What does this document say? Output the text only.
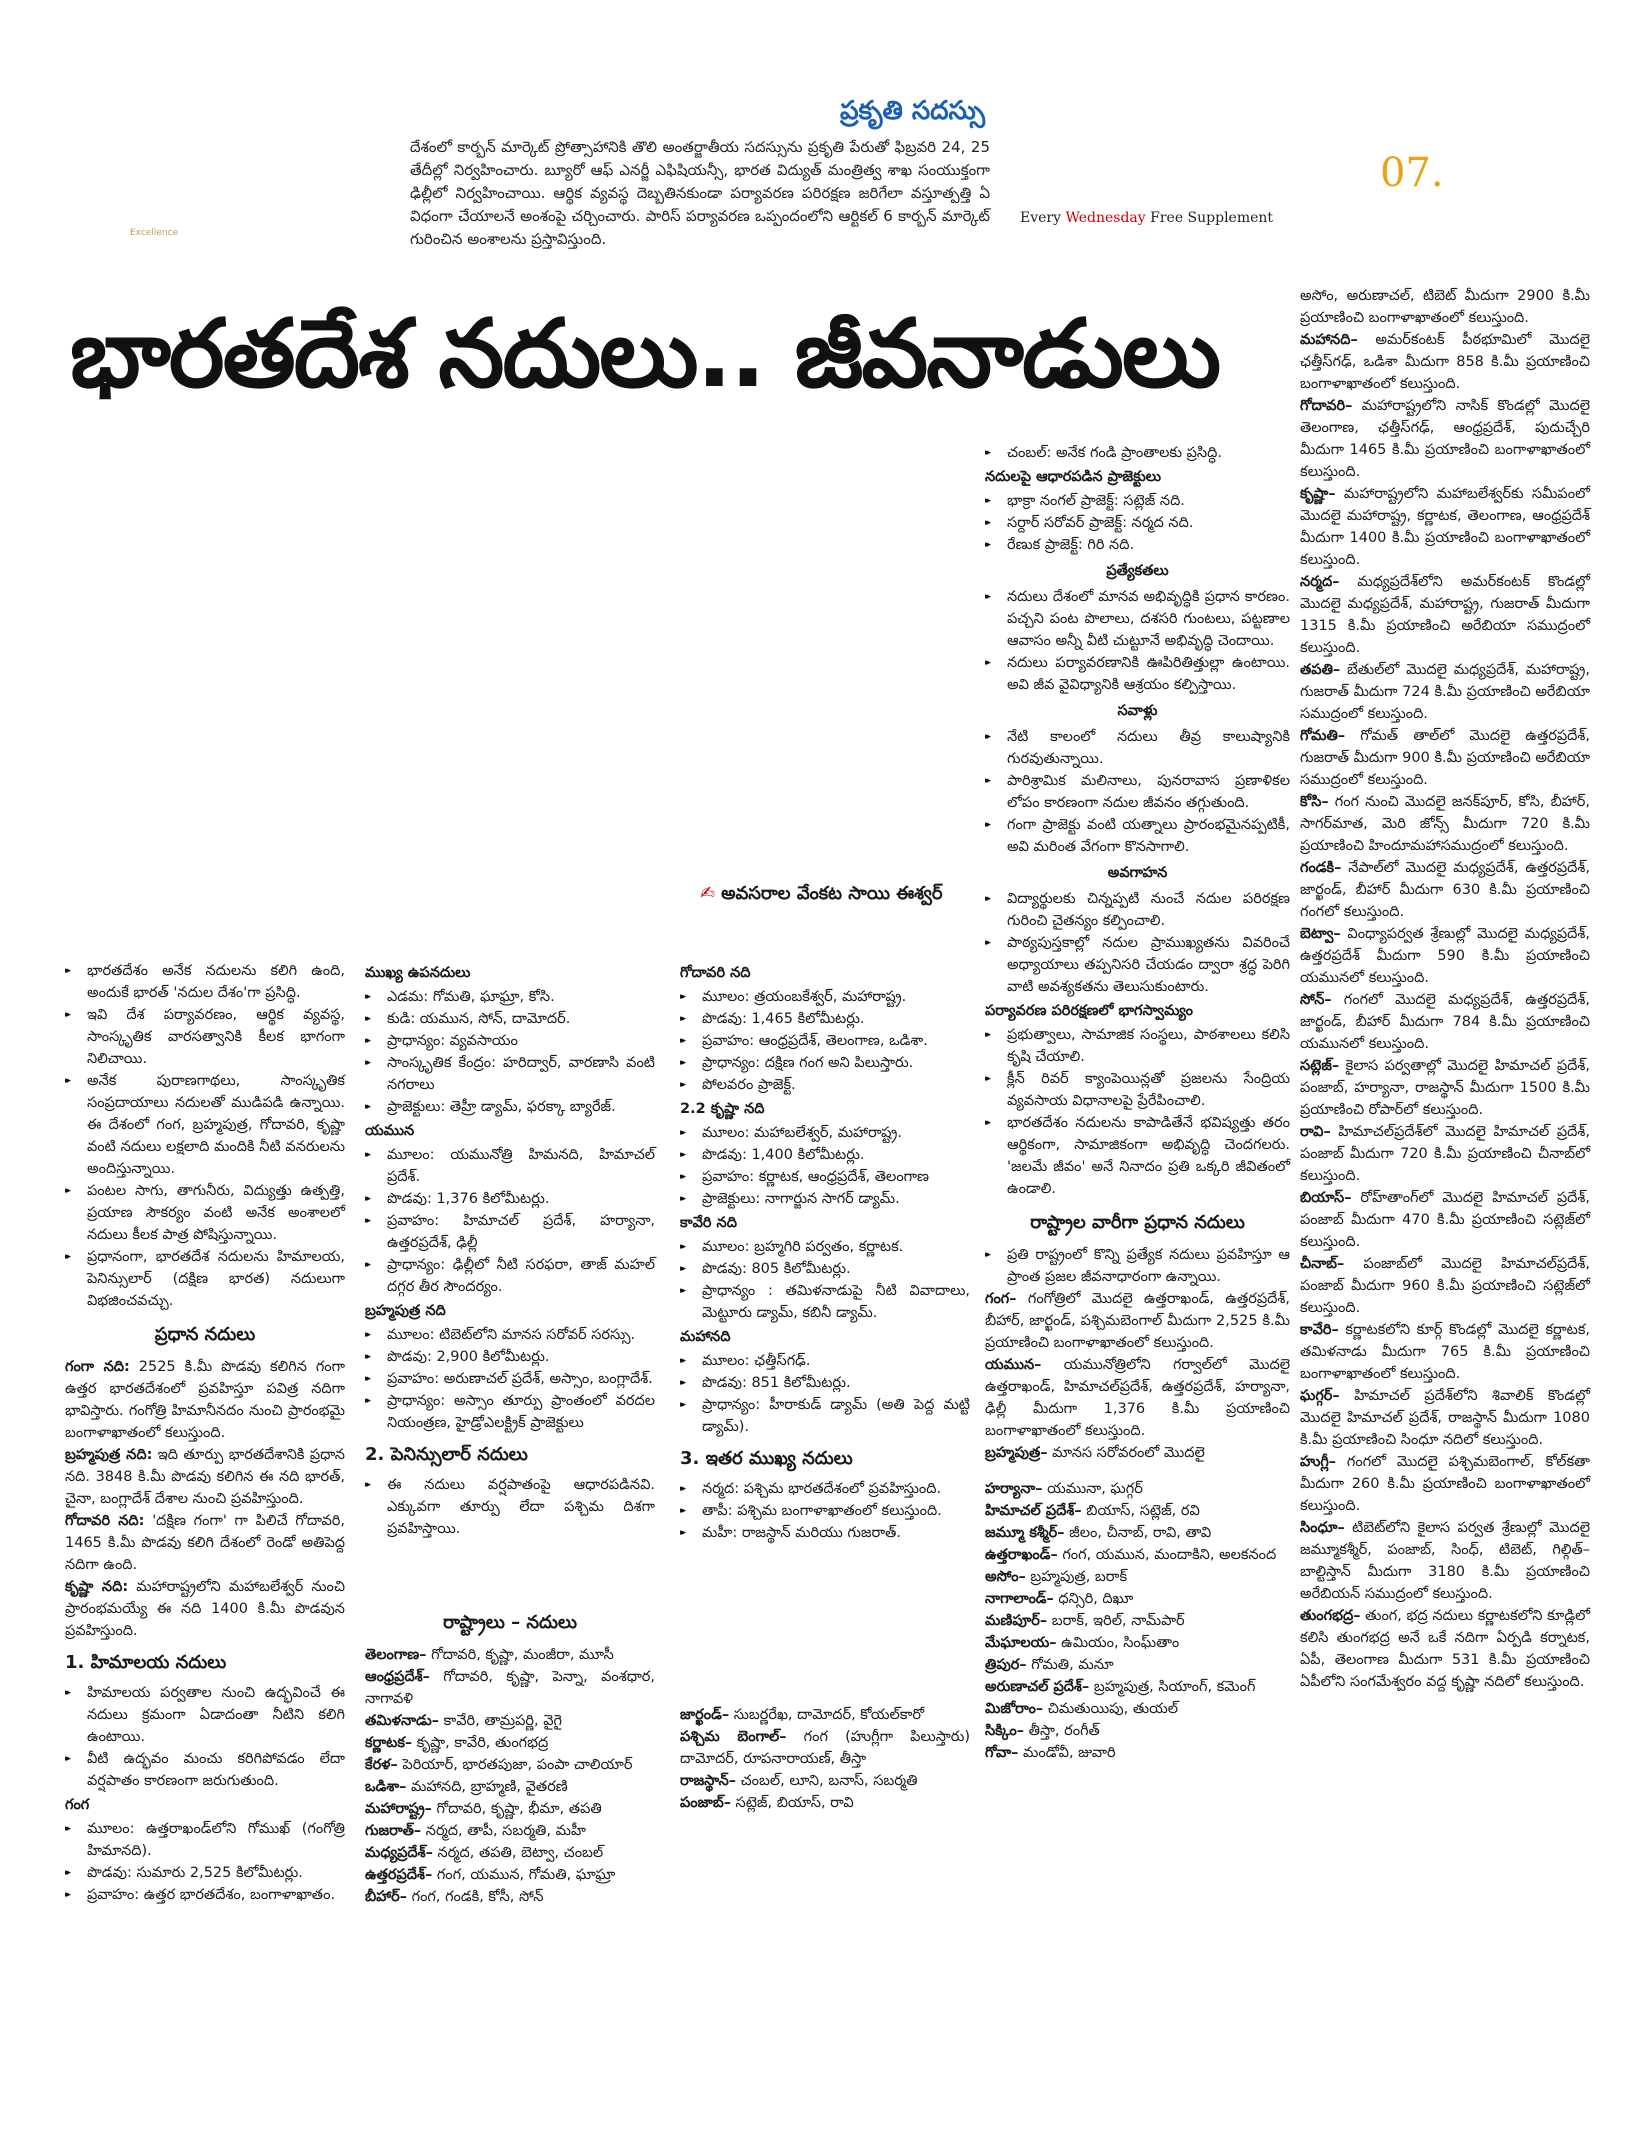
ప్రకృతి సదస్సు
దేశంలో కార్బన్ మార్కెట్ ప్రోత్సాహానికి తొలి అంతర్జాతీయ సదస్సును ప్రకృతి పేరుతో ఫిబ్రవరి 24, 25 తేదీల్లో నిర్వహించారు. బ్యూరో ఆఫ్ ఎనర్జీ ఎఫిషియన్సీ, భారత విద్యుత్ మంత్రిత్వ శాఖ సంయుక్తంగా ఢిల్లీలో నిర్వహించాయి. ఆర్థిక వ్యవస్థ దెబ్బతినకుండా పర్యావరణ పరిరక్షణ జరిగేలా వస్తూత్పత్తి ఏ విధంగా చేయాలనే అంశంపై చర్చించారు. పారిస్ పర్యావరణ ఒప్పందంలోని ఆర్టికల్ 6 కార్బన్ మార్కెట్ గురించిన అంశాలను ప్రస్తావిస్తుంది.
Excellence
Every Wednesday Free Supplement
07.
భారతదేశ నదులు.. జీవనాడులు
✍ అవసరాల వేంకట సాయి ఈశ్వర్

▸▸ భారతదేశం అనేక నదులను కలిగి ఉంది, అందుకే భారత్ 'నదుల దేశం'గా ప్రసిద్ధి.

▸▸ ఇవి దేశ పర్యావరణం, ఆర్థిక వ్యవస్థ, సాంస్కృతిక వారసత్వానికి కీలక భాగంగా నిలిచాయి.

▸▸ అనేక పురాణగాథలు, సాంస్కృతిక సంప్రదాయాలు నదులతో ముడిపడి ఉన్నాయి. ఈ దేశంలో గంగ, బ్రహ్మపుత్ర, గోదావరి, కృష్ణా వంటి నదులు లక్షలాది మందికి నీటి వనరులను అందిస్తున్నాయి.

▸▸ పంటల సాగు, తాగునీరు, విద్యుత్తు ఉత్పత్తి, ప్రయాణ సౌకర్యం వంటి అనేక అంశాలలో నదులు కీలక పాత్ర పోషిస్తున్నాయి.

▸▸ ప్రధానంగా, భారతదేశ నదులను హిమాలయ, పెనిన్సులార్ (దక్షిణ భారత) నదులుగా విభజించవచ్చు.

ప్రధాన నదులు

గంగా నది: 2525 కి.మీ పొడవు కలిగిన గంగా ఉత్తర భారతదేశంలో ప్రవహిస్తూ పవిత్ర నదిగా భావిస్తారు. గంగోత్రి హిమానీనదం నుంచి ప్రారంభమై బంగాళాఖాతంలో కలుస్తుంది.

బ్రహ్మపుత్ర నది: ఇది తూర్పు భారతదేశానికి ప్రధాన నది. 3848 కి.మీ పొడవు కలిగిన ఈ నది భారత్, చైనా, బంగ్లాదేశ్ దేశాల నుంచి ప్రవహిస్తుంది.

గోదావరి నది: 'దక్షిణ గంగా' గా పిలిచే గోదావరి, 1465 కి.మీ పొడవు కలిగి దేశంలో రెండో అతిపెద్ద నదిగా ఉంది.

కృష్ణా నది: మహారాష్ట్రలోని మహాబలేశ్వర్ నుంచి ప్రారంభమయ్యే ఈ నది 1400 కి.మీ పొడవున ప్రవహిస్తుంది.

1. హిమాలయ నదులు

▸▸ హిమాలయ పర్వతాల నుంచి ఉద్భవించే ఈ నదులు క్రమంగా ఏడాదంతా నీటిని కలిగి ఉంటాయి.

▸▸ వీటి ఉద్భవం మంచు కరిగిపోవడం లేదా వర్షపాతం కారణంగా జరుగుతుంది.

గంగ

▸▸ మూలం: ఉత్తరాఖండ్‌లోని గోముఖ్ (గంగోత్రి హిమానది).

▸▸ పొడవు: సుమారు 2,525 కిలోమీటర్లు.

▸▸ ప్రవాహం: ఉత్తర భారతదేశం, బంగాళాఖాతం.

ముఖ్య ఉపనదులు

▸▸ ఎడమ: గోమతి, ఘాఘ్రా, కోసి.

▸▸ కుడి: యమున, సోన్, దామోదర్.

▸▸ ప్రాధాన్యం: వ్యవసాయం

▸▸ సాంస్కృతిక కేంద్రం: హరిద్వార్, వారణాసి వంటి నగరాలు

▸▸ ప్రాజెక్టులు: తెహ్రీ డ్యామ్, ఫరక్కా బ్యారేజ్.

యమున

▸▸ మూలం: యమునోత్రి హిమనది, హిమాచల్ ప్రదేశ్.

▸▸ పొడవు: 1,376 కిలోమీటర్లు.

▸▸ ప్రవాహం: హిమాచల్ ప్రదేశ్, హర్యానా, ఉత్తరప్రదేశ్, ఢిల్లీ

▸▸ ప్రాధాన్యం: ఢిల్లీలో నీటి సరఫరా, తాజ్ మహల్ దగ్గర తీర సౌందర్యం.

బ్రహ్మపుత్ర నది

▸▸ మూలం: టిబెట్‌లోని మానస సరోవర్ సరస్సు.

▸▸ పొడవు: 2,900 కిలోమీటర్లు.

▸▸ ప్రవాహం: అరుణాచల్ ప్రదేశ్, అస్సాం, బంగ్లాదేశ్.

▸▸ ప్రాధాన్యం: అస్సాం తూర్పు ప్రాంతంలో వరదల నియంత్రణ, హైడ్రోఎలక్ట్రిక్ ప్రాజెక్టులు

2. పెనిన్సులార్ నదులు

▸▸ ఈ నదులు వర్షపాతంపై ఆధారపడినవి. ఎక్కువగా తూర్పు లేదా పశ్చిమ దిశగా ప్రవహిస్తాయి.

రాష్ట్రాలు – నదులు

తెలంగాణ– గోదావరి, కృష్ణా, మంజీరా, మూసీ

ఆంధ్రప్రదేశ్– గోదావరి, కృష్ణా, పెన్నా, వంశధార, నాగావళి

తమిళనాడు– కావేరి, తామ్రపర్ణి, వైగై

కర్ణాటక– కృష్ణా, కావేరి, తుంగభద్ర

కేరళ– పెరియార్, భారతపుజా, పంపా చాలియార్

ఒడిశా– మహానది, బ్రాహ్మణి, వైతరణి

మహారాష్ట్ర– గోదావరి, కృష్ణా, భీమా, తపతి

గుజరాత్– నర్మద, తాపీ, సబర్మతి, మహీ

మధ్యప్రదేశ్– నర్మద, తపతి, బెట్వా, చంబల్

ఉత్తరప్రదేశ్– గంగ, యమున, గోమతి, ఘాఘ్రా

బీహార్– గంగ, గండకి, కోసీ, సోన్

గోదావరి నది

▸▸ మూలం: త్రయంబకేశ్వర్, మహారాష్ట్ర.

▸▸ పొడవు: 1,465 కిలోమీటర్లు.

▸▸ ప్రవాహం: ఆంధ్రప్రదేశ్, తెలంగాణ, ఒడిశా.

▸▸ ప్రాధాన్యం: దక్షిణ గంగ అని పిలుస్తారు.

▸▸ పోలవరం ప్రాజెక్ట్.

2.2 కృష్ణా నది

▸▸ మూలం: మహాబలేశ్వర్, మహారాష్ట్ర.

▸▸ పొడవు: 1,400 కిలోమీటర్లు.

▸▸ ప్రవాహం: కర్ణాటక, ఆంధ్రప్రదేశ్, తెలంగాణ

▸▸ ప్రాజెక్టులు: నాగార్జున సాగర్ డ్యామ్.

కావేరి నది

▸▸ మూలం: బ్రహ్మగిరి పర్వతం, కర్ణాటక.

▸▸ పొడవు: 805 కిలోమీటర్లు.

▸▸ ప్రాధాన్యం : తమిళనాడుపై నీటి వివాదాలు, మెట్టూరు డ్యామ్, కబినీ డ్యామ్.

మహానది

▸▸ మూలం: ఛత్తీస్‌గఢ్.

▸▸ పొడవు: 851 కిలోమీటర్లు.

▸▸ ప్రాధాన్యం: హీరాకుడ్ డ్యామ్ (అతి పెద్ద మట్టి డ్యామ్).

3. ఇతర ముఖ్య నదులు

▸▸ నర్మద: పశ్చిమ భారతదేశంలో ప్రవహిస్తుంది.

▸▸ తాపీ: పశ్చిమ బంగాళాఖాతంలో కలుస్తుంది.

▸▸ మహీ: రాజస్థాన్ మరియు గుజరాత్.

జార్ఖండ్– సుబర్ణరేఖ, దామోదర్, కోయల్‌కారో

పశ్చిమ బెంగాల్– గంగ (హుగ్లీగా పిలుస్తారు) దామోదర్, రూపనారాయణ్, తీస్తా

రాజస్థాన్– చంబల్, లూని, బనాస్, సబర్మతి

పంజాబ్– సట్లెజ్, బియాస్, రావి

▸▸ చంబల్: అనేక గండి ప్రాంతాలకు ప్రసిద్ధి.

నదులపై ఆధారపడిన ప్రాజెక్టులు

▸▸ భాక్రా నంగల్ ప్రాజెక్ట్: సట్లెజ్ నది.

▸▸ సర్దార్ సరోవర్ ప్రాజెక్ట్: నర్మద నది.

▸▸ రేణుక ప్రాజెక్ట్: గిరి నది.

ప్రత్యేకతలు

▸▸ నదులు దేశంలో మానవ అభివృద్ధికి ప్రధాన కారణం. పచ్చని పంట పొలాలు, దశసరి గుంటలు, పట్టణాల ఆవాసం అన్నీ వీటి చుట్టూనే అభివృద్ధి చెందాయి.

▸▸ నదులు పర్యావరణానికి ఊపిరితిత్తుల్లా ఉంటాయి. అవి జీవ వైవిధ్యానికి ఆశ్రయం కల్పిస్తాయి.

సవాళ్లు

▸▸ నేటి కాలంలో నదులు తీవ్ర కాలుష్యానికి గురవుతున్నాయి.

▸▸ పారిశ్రామిక మలినాలు, పునరావాస ప్రణాళికల లోపం కారణంగా నదుల జీవనం తగ్గుతుంది.

▸▸ గంగా ప్రాజెక్టు వంటి యత్నాలు ప్రారంభమైనప్పటికీ, అవి మరింత వేగంగా కొనసాగాలి.

అవగాహన

▸▸ విద్యార్థులకు చిన్నప్పటి నుంచే నదుల పరిరక్షణ గురించి చైతన్యం కల్పించాలి.

▸▸ పాఠ్యపుస్తకాల్లో నదుల ప్రాముఖ్యతను వివరించే అధ్యాయాలు తప్పనిసరి చేయడం ద్వారా శ్రద్ధ పెరిగి వాటి అవశ్యకతను తెలుసుకుంటారు.

పర్యావరణ పరిరక్షణలో భాగస్వామ్యం

▸▸ ప్రభుత్వాలు, సామాజిక సంస్థలు, పాఠశాలలు కలిసి కృషి చేయాలి.

▸▸ క్లీన్ రివర్ క్యాంపెయిన్లతో ప్రజలను సేంద్రియ వ్యవసాయ విధానాలపై ప్రేరేపించాలి.

▸▸ భారతదేశం నదులను కాపాడితేనే భవిష్యత్తు తరం ఆర్థికంగా, సామాజికంగా అభివృద్ధి చెందగలరు. 'జలమే జీవం' అనే నినాదం ప్రతి ఒక్కరి జీవితంలో ఉండాలి.

రాష్ట్రాల వారీగా ప్రధాన నదులు

▸▸ ప్రతి రాష్ట్రంలో కొన్ని ప్రత్యేక నదులు ప్రవహిస్తూ ఆ ప్రాంత ప్రజల జీవనాధారంగా ఉన్నాయి.

గంగ– గంగోత్రిలో మొదలై ఉత్తరాఖండ్, ఉత్తరప్రదేశ్, బీహార్, జార్ఖండ్, పశ్చిమబెంగాల్ మీదుగా 2,525 కి.మీ ప్రయాణించి బంగాళాఖాతంలో కలుస్తుంది.

యమున– యమునోత్రిలోని గర్వాల్‌లో మొదలై ఉత్తరాఖండ్, హిమాచల్‌ప్రదేశ్, ఉత్తరప్రదేశ్, హర్యానా, ఢిల్లీ మీదుగా 1,376 కి.మీ ప్రయాణించి బంగాళాఖాతంలో కలుస్తుంది.

బ్రహ్మపుత్ర– మానస సరోవరంలో మొదలై

హర్యానా– యమునా, ఘగ్గర్

హిమాచల్ ప్రదేశ్– బియాస్, సట్లెజ్, రవి

జమ్మూ కశ్మీర్– జీలం, చీనాబ్, రావి, తావి

ఉత్తరాఖండ్– గంగ, యమున, మందాకిని, అలకనంద

అసోం– బ్రహ్మపుత్ర, బరాక్

నాగాలాండ్– ధన్సిరి, దిఖూ

మణిపూర్– బరాక్, ఇరిల్, నామ్‌పార్

మేఘాలయ– ఉమియం, సింఘ్‌తాం

త్రిపుర– గోమతి, మనూ

అరుణాచల్ ప్రదేశ్– బ్రహ్మపుత్ర, సియాంగ్, కమెంగ్

మిజోరాం– చిమతుయిపు, తుయల్

సిక్కిం– తీస్తా, రంగీత్

గోవా– మండోవీ, జువారి

అసోం, అరుణాచల్, టిబెట్ మీదుగా 2900 కి.మీ ప్రయాణించి బంగాళాఖాతంలో కలుస్తుంది.

మహానది– అమర్‌కంటక్ పీఠభూమిలో మొదలై ఛత్తీస్‌గఢ్, ఒడిశా మీదుగా 858 కి.మీ ప్రయాణించి బంగాళాఖాతంలో కలుస్తుంది.

గోదావరి– మహారాష్ట్రలోని నాసిక్ కొండల్లో మొదలై తెలంగాణ, ఛత్తీస్‌గఢ్, ఆంధ్రప్రదేశ్, పుదుచ్చేరి మీదుగా 1465 కి.మీ ప్రయాణించి బంగాళాఖాతంలో కలుస్తుంది.

కృష్ణా– మహారాష్ట్రలోని మహాబలేశ్వర్‌కు సమీపంలో మొదలై మహారాష్ట్ర, కర్ణాటక, తెలంగాణ, ఆంధ్రప్రదేశ్ మీదుగా 1400 కి.మీ ప్రయాణించి బంగాళాఖాతంలో కలుస్తుంది.

నర్మద– మధ్యప్రదేశ్‌లోని అమర్‌కంటక్ కొండల్లో మొదలై మధ్యప్రదేశ్, మహారాష్ట్ర, గుజరాత్ మీదుగా 1315 కి.మీ ప్రయాణించి అరేబియా సముద్రంలో కలుస్తుంది.

తపతి– బేతుల్‌లో మొదలై మధ్యప్రదేశ్, మహారాష్ట్ర, గుజరాత్ మీదుగా 724 కి.మీ ప్రయాణించి అరేబియా సముద్రంలో కలుస్తుంది.

గోమతి– గోమత్ తాల్‌లో మొదలై ఉత్తరప్రదేశ్, గుజరాత్ మీదుగా 900 కి.మీ ప్రయాణించి అరేబియా సముద్రంలో కలుస్తుంది.

కోసి– గంగ నుంచి మొదలై జనక్‌పూర్, కోసి, బీహార్, సాగర్‌మాత, మెరి జోన్స్ మీదుగా 720 కి.మీ ప్రయాణించి హిందూమహాసముద్రంలో కలుస్తుంది.

గండకి– నేపాల్‌లో మొదలై మధ్యప్రదేశ్, ఉత్తరప్రదేశ్, జార్ఖండ్, బీహార్ మీదుగా 630 కి.మీ ప్రయాణించి గంగలో కలుస్తుంది.

బెట్వా– వింధ్యాపర్వత శ్రేణుల్లో మొదలై మధ్యప్రదేశ్, ఉత్తరప్రదేశ్ మీదుగా 590 కి.మీ ప్రయాణించి యమునలో కలుస్తుంది.

సోన్– గంగలో మొదలై మధ్యప్రదేశ్, ఉత్తరప్రదేశ్, జార్ఖండ్, బీహార్ మీదుగా 784 కి.మీ ప్రయాణించి యమునలో కలుస్తుంది.

సట్లెజ్– కైలాస పర్వతాల్లో మొదలై హిమాచల్ ప్రదేశ్, పంజాబ్, హర్యానా, రాజస్థాన్ మీదుగా 1500 కి.మీ ప్రయాణించి రోపార్‌లో కలుస్తుంది.

రావి– హిమాచల్‌ప్రదేశ్‌లో మొదలై హిమాచల్ ప్రదేశ్, పంజాబ్ మీదుగా 720 కి.మీ ప్రయాణించి చీనాబ్‌లో కలుస్తుంది.

బియాస్– రోహ్‌తాంగ్‌లో మొదలై హిమాచల్ ప్రదేశ్, పంజాబ్ మీదుగా 470 కి.మీ ప్రయాణించి సట్లెజ్‌లో కలుస్తుంది.

చీనాబ్– పంజాబ్‌లో మొదలై హిమాచల్‌ప్రదేశ్, పంజాబ్ మీదుగా 960 కి.మీ ప్రయాణించి సట్లెజ్‌లో కలుస్తుంది.

కావేరి– కర్ణాటకలోని కూర్గ్ కొండల్లో మొదలై కర్ణాటక, తమిళనాడు మీదుగా 765 కి.మీ ప్రయాణించి బంగాళాఖాతంలో కలుస్తుంది.

ఘగ్గర్– హిమాచల్ ప్రదేశ్‌లోని శివాలిక్ కొండల్లో మొదలై హిమాచల్ ప్రదేశ్, రాజస్థాన్ మీదుగా 1080 కి.మీ ప్రయాణించి సింధూ నదిలో కలుస్తుంది.

హుగ్లీ– గంగలో మొదలై పశ్చిమబెంగాల్, కోల్‌కతా మీదుగా 260 కి.మీ ప్రయాణించి బంగాళాఖాతంలో కలుస్తుంది.

సింధూ– టిబెట్‌లోని కైలాస పర్వత శ్రేణుల్లో మొదలై జమ్మూకశ్మీర్, పంజాబ్, సింధ్, టిబెట్, గిల్గిత్–బాల్టిస్తాన్ మీదుగా 3180 కి.మీ ప్రయాణించి అరేబియన్ సముద్రంలో కలుస్తుంది.

తుంగభద్ర– తుంగ, భద్ర నదులు కర్ణాటకలోని కూడ్లిలో కలిసి తుంగభద్ర అనే ఒకే నదిగా ఏర్పడి కర్నాటక, ఏపీ, తెలంగాణ మీదుగా 531 కి.మీ ప్రయాణించి ఏపీలోని సంగమేశ్వరం వద్ద కృష్ణా నదిలో కలుస్తుంది.
